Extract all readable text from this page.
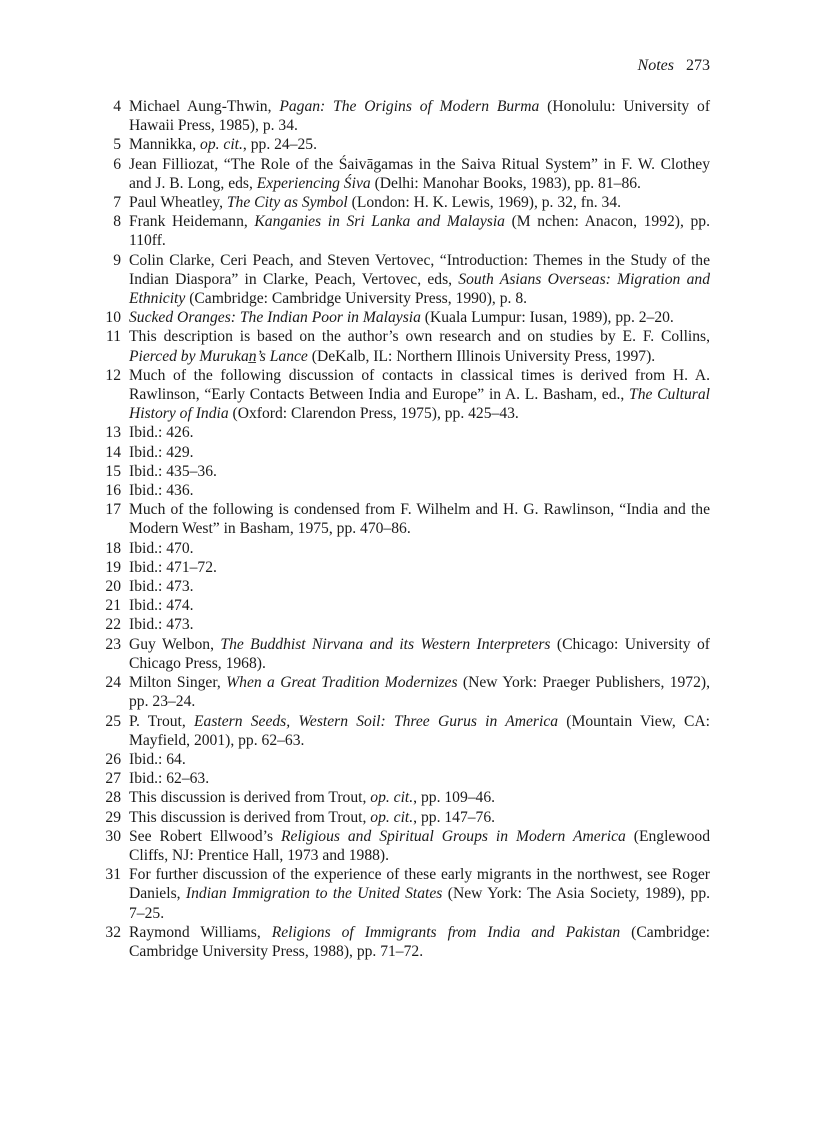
Notes 273
4 Michael Aung-Thwin, Pagan: The Origins of Modern Burma (Honolulu: University of Hawaii Press, 1985), p. 34.
5 Mannikka, op. cit., pp. 24–25.
6 Jean Filliozat, “The Role of the Śaivāgamas in the Saiva Ritual System” in F. W. Clothey and J. B. Long, eds, Experiencing Śiva (Delhi: Manohar Books, 1983), pp. 81–86.
7 Paul Wheatley, The City as Symbol (London: H. K. Lewis, 1969), p. 32, fn. 34.
8 Frank Heidemann, Kanganies in Sri Lanka and Malaysia (M nchen: Anacon, 1992), pp. 110ff.
9 Colin Clarke, Ceri Peach, and Steven Vertovec, “Introduction: Themes in the Study of the Indian Diaspora” in Clarke, Peach, Vertovec, eds, South Asians Overseas: Migration and Ethnicity (Cambridge: Cambridge University Press, 1990), p. 8.
10 Sucked Oranges: The Indian Poor in Malaysia (Kuala Lumpur: Iusan, 1989), pp. 2–20.
11 This description is based on the author’s own research and on studies by E. F. Collins, Pierced by Murukan̲’s Lance (DeKalb, IL: Northern Illinois University Press, 1997).
12 Much of the following discussion of contacts in classical times is derived from H. A. Rawlinson, “Early Contacts Between India and Europe” in A. L. Basham, ed., The Cultural History of India (Oxford: Clarendon Press, 1975), pp. 425–43.
13 Ibid.: 426.
14 Ibid.: 429.
15 Ibid.: 435–36.
16 Ibid.: 436.
17 Much of the following is condensed from F. Wilhelm and H. G. Rawlinson, “India and the Modern West” in Basham, 1975, pp. 470–86.
18 Ibid.: 470.
19 Ibid.: 471–72.
20 Ibid.: 473.
21 Ibid.: 474.
22 Ibid.: 473.
23 Guy Welbon, The Buddhist Nirvana and its Western Interpreters (Chicago: University of Chicago Press, 1968).
24 Milton Singer, When a Great Tradition Modernizes (New York: Praeger Publishers, 1972), pp. 23–24.
25 P. Trout, Eastern Seeds, Western Soil: Three Gurus in America (Mountain View, CA: Mayfield, 2001), pp. 62–63.
26 Ibid.: 64.
27 Ibid.: 62–63.
28 This discussion is derived from Trout, op. cit., pp. 109–46.
29 This discussion is derived from Trout, op. cit., pp. 147–76.
30 See Robert Ellwood’s Religious and Spiritual Groups in Modern America (Englewood Cliffs, NJ: Prentice Hall, 1973 and 1988).
31 For further discussion of the experience of these early migrants in the northwest, see Roger Daniels, Indian Immigration to the United States (New York: The Asia Society, 1989), pp. 7–25.
32 Raymond Williams, Religions of Immigrants from India and Pakistan (Cambridge: Cambridge University Press, 1988), pp. 71–72.
